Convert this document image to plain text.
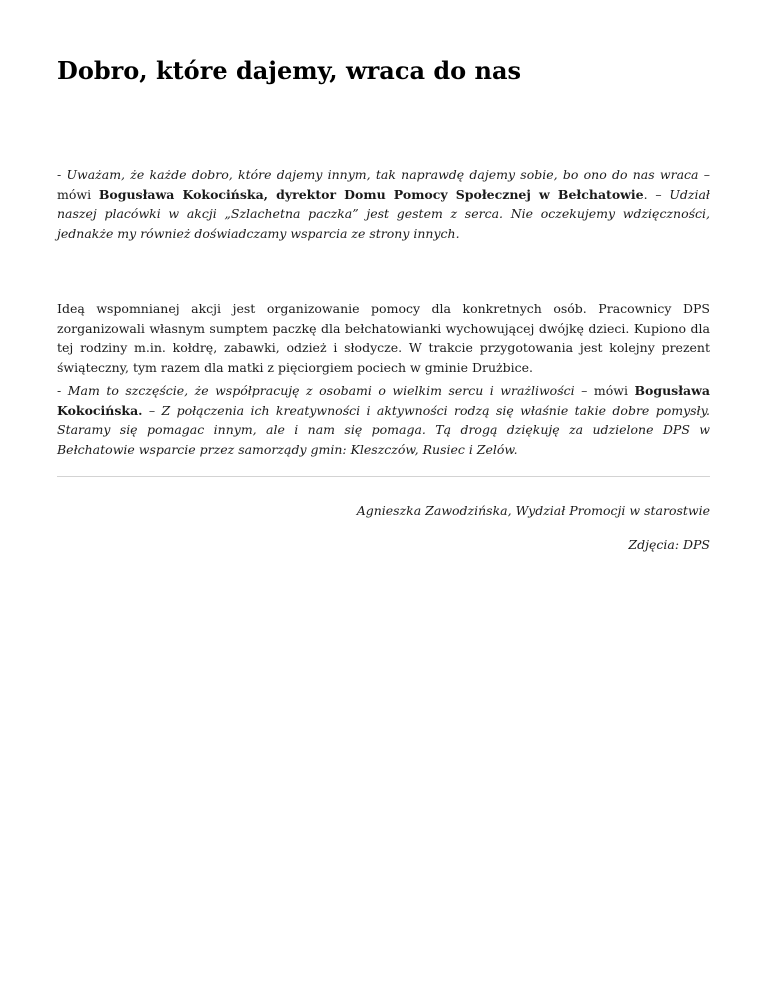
Dobro, które dajemy, wraca do nas

- Uważam, że każde dobro, które dajemy innym, tak naprawdę dajemy sobie, bo ono do nas wraca – mówi Bogusława Kokocińska, dyrektor Domu Pomocy Społecznej w Bełchatowie. – Udział naszej placówki w akcji „Szlachetna paczka” jest gestem z serca. Nie oczekujemy wdzięczności, jednakże my również doświadczamy wsparcia ze strony innych.

Ideą wspomnianej akcji jest organizowanie pomocy dla konkretnych osób. Pracownicy DPS zorganizowali własnym sumptem paczkę dla bełchatowianki wychowującej dwójkę dzieci. Kupiono dla tej rodziny m.in. kołdrę, zabawki, odzież i słodycze. W trakcie przygotowania jest kolejny prezent świąteczny, tym razem dla matki z pięciorgiem pociech w gminie Drużbice.

- Mam to szczęście, że współpracuję z osobami o wielkim sercu i wrażliwości – mówi Bogusława Kokocińska. – Z połączenia ich kreatywności i aktywności rodzą się właśnie takie dobre pomysły. Staramy się pomagac innym, ale i nam się pomaga. Tą drogą dziękuję za udzielone DPS w Bełchatowie wsparcie przez samorządy gmin: Kleszczów, Rusiec i Zelów.

Agnieszka Zawodzińska, Wydział Promocji w starostwie

Zdjęcia: DPS
